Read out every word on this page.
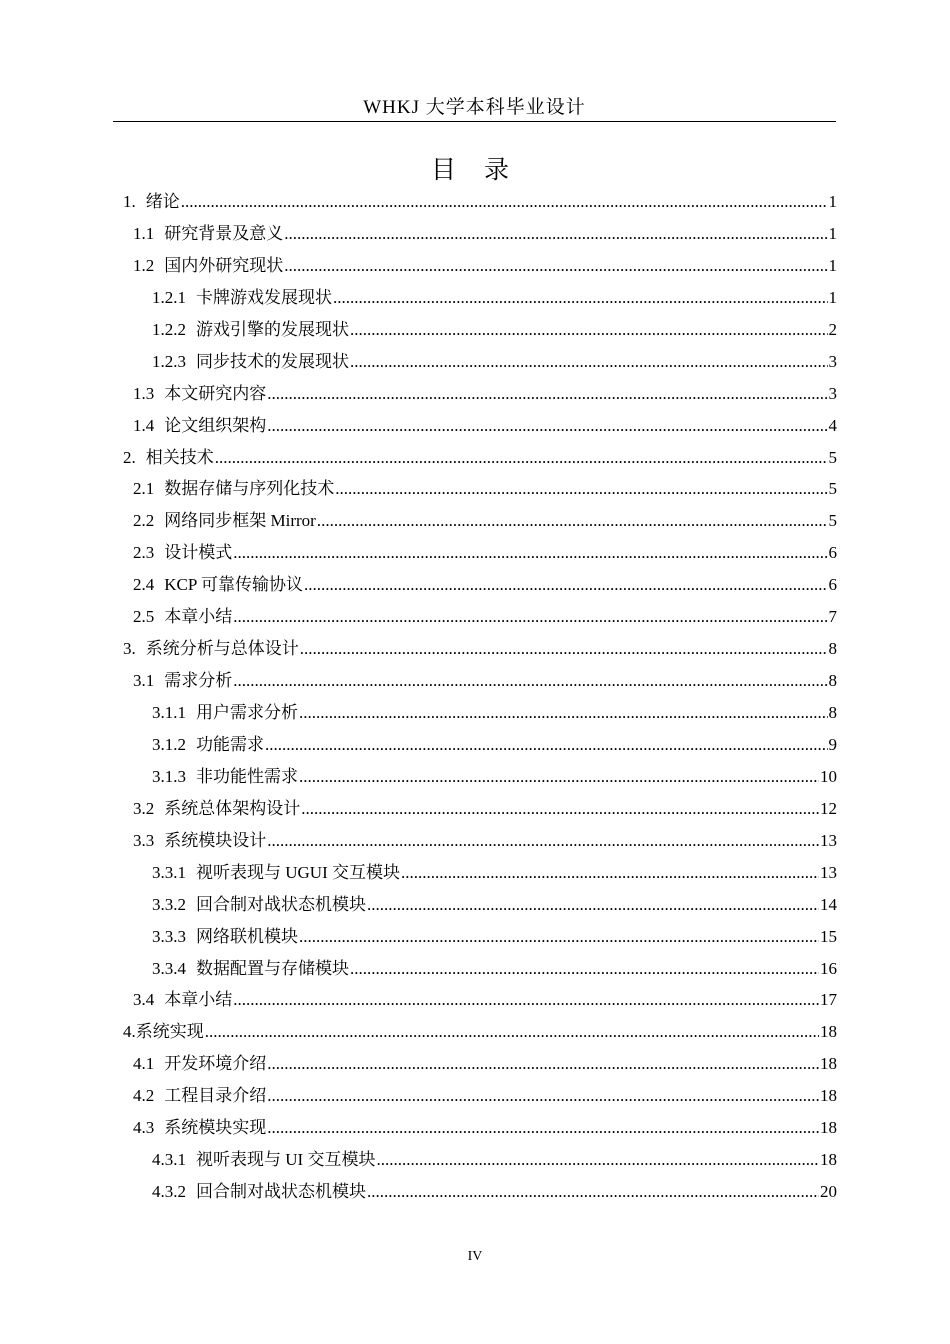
WHKJ 大学本科毕业设计
目 录
1. 绪论 .....	1
1.1 研究背景及意义 .....	1
1.2 国内外研究现状 .....	1
1.2.1 卡牌游戏发展现状 .....	1
1.2.2 游戏引擎的发展现状 .....	2
1.2.3 同步技术的发展现状 .....	3
1.3 本文研究内容 .....	3
1.4 论文组织架构 .....	4
2. 相关技术 .....	5
2.1 数据存储与序列化技术 .....	5
2.2 网络同步框架 Mirror .....	5
2.3 设计模式 .....	6
2.4 KCP 可靠传输协议 .....	6
2.5 本章小结 .....	7
3. 系统分析与总体设计 .....	8
3.1 需求分析 .....	8
3.1.1 用户需求分析 .....	8
3.1.2 功能需求 .....	9
3.1.3 非功能性需求 .....	10
3.2 系统总体架构设计 .....	12
3.3 系统模块设计 .....	13
3.3.1 视听表现与 UGUI 交互模块 .....	13
3.3.2 回合制对战状态机模块 .....	14
3.3.3 网络联机模块 .....	15
3.3.4 数据配置与存储模块 .....	16
3.4 本章小结 .....	17
4. 系统实现 .....	18
4.1 开发环境介绍 .....	18
4.2 工程目录介绍 .....	18
4.3 系统模块实现 .....	18
4.3.1 视听表现与 UI 交互模块 .....	18
4.3.2 回合制对战状态机模块 .....	20
IV
